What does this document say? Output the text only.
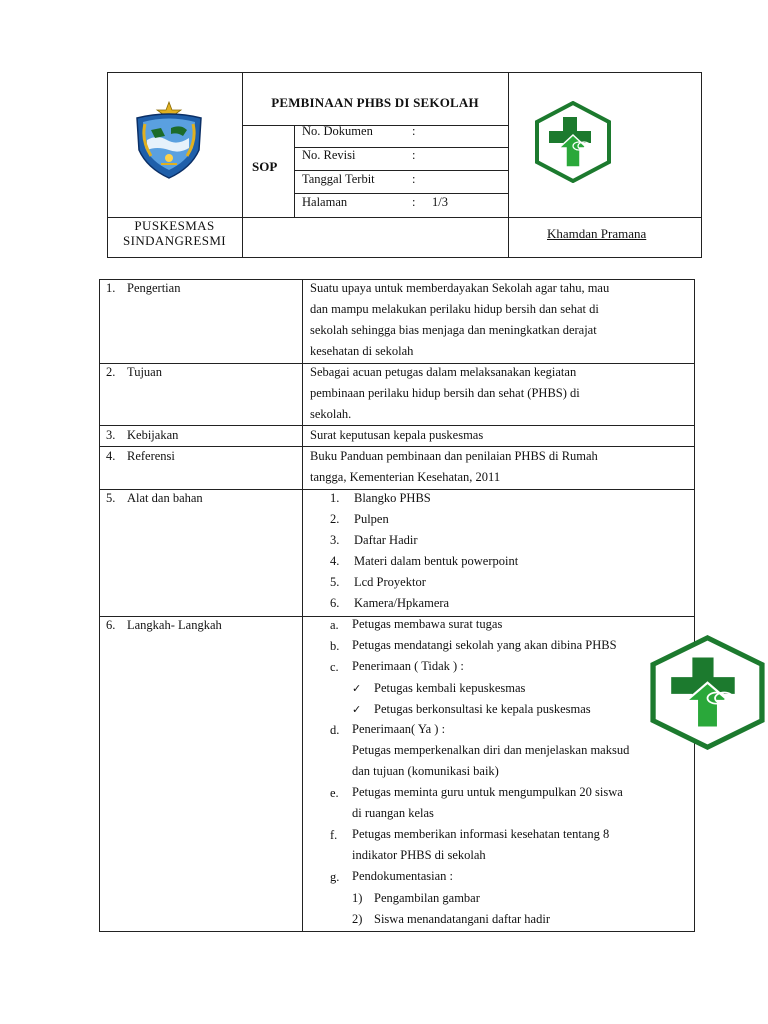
PEMBINAAN PHBS DI SEKOLAH
SOP
No. Dokumen	:
No. Revisi	:
Tanggal Terbit	:
Halaman	: 1/3
PUSKESMAS
SINDANGRESMI	Khamdan Pramana
1. Pengertian	Suatu upaya untuk memberdayakan Sekolah agar tahu, mau
dan mampu melakukan perilaku hidup bersih dan sehat di
sekolah sehingga bias menjaga dan meningkatkan derajat
kesehatan di sekolah
2. Tujuan	Sebagai acuan petugas dalam melaksanakan kegiatan
pembinaan perilaku hidup bersih dan sehat (PHBS) di
sekolah.
3. Kebijakan	Surat keputusan kepala puskesmas
4. Referensi	Buku Panduan pembinaan dan penilaian PHBS di Rumah
tangga, Kementerian Kesehatan, 2011
5. Alat dan bahan	1. Blangko PHBS
2. Pulpen
3. Daftar Hadir
4. Materi dalam bentuk powerpoint
5. Lcd Proyektor
6. Kamera/Hpkamera
6. Langkah- Langkah	a. Petugas membawa surat tugas
b. Petugas mendatangi sekolah yang akan dibina PHBS
c. Penerimaan ( Tidak ) :
✓ Petugas kembali kepuskesmas
✓ Petugas berkonsultasi ke kepala puskesmas
d. Penerimaan( Ya ) :
Petugas memperkenalkan diri dan menjelaskan maksud
dan tujuan (komunikasi baik)
e. Petugas meminta guru untuk mengumpulkan 20 siswa
di ruangan kelas
f. Petugas memberikan informasi kesehatan tentang 8
indikator PHBS di sekolah
g. Pendokumentasian :
1) Pengambilan gambar
2) Siswa menandatangani daftar hadir
